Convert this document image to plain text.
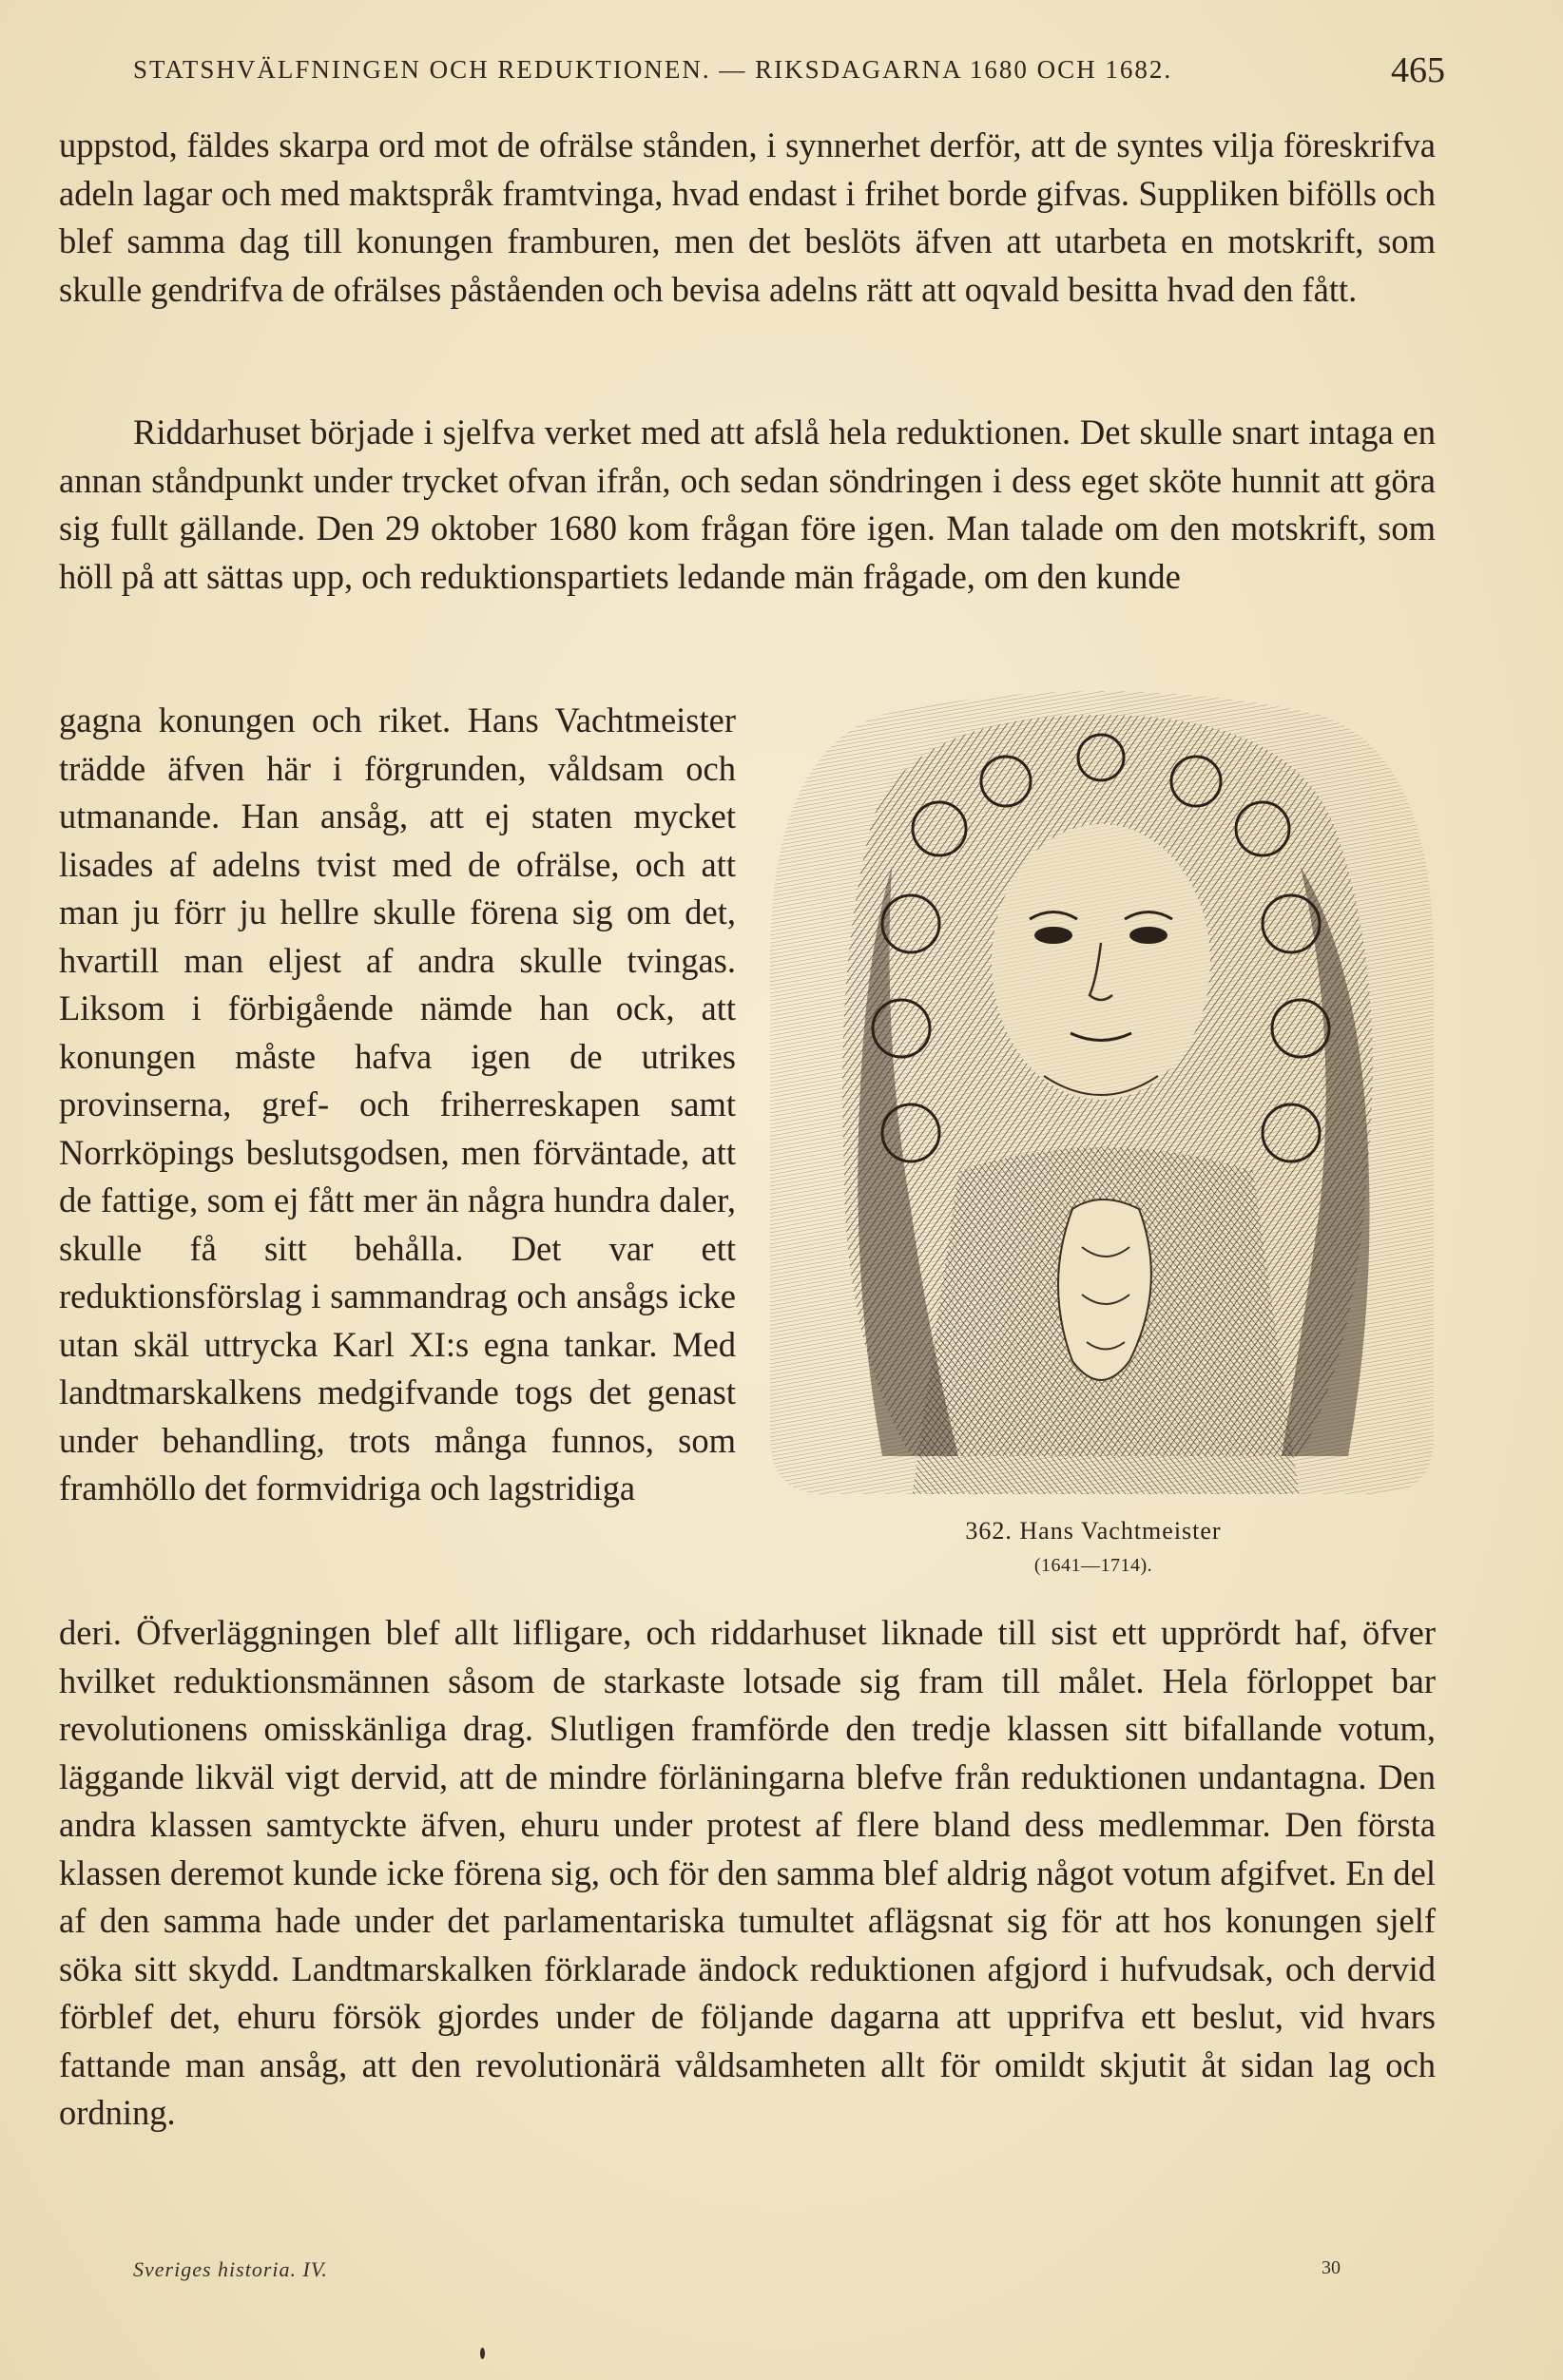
STATSHVÄLFNINGEN OCH REDUKTIONEN. — RIKSDAGARNA 1680 OCH 1682.	465

uppstod, fäldes skarpa ord mot de ofrälse stånden, i synnerhet derför, att de syntes vilja föreskrifva adeln lagar och med maktspråk framtvinga, hvad endast i frihet borde gifvas. Suppliken bifölls och blef samma dag till konungen framburen, men det beslöts äfven att utarbeta en motskrift, som skulle gendrifva de ofrälses påståenden och bevisa adelns rätt att oqvald besitta hvad den fått.

Riddarhuset började i sjelfva verket med att afslå hela reduktionen. Det skulle snart intaga en annan ståndpunkt under trycket ofvan ifrån, och sedan söndringen i dess eget sköte hunnit att göra sig fullt gällande. Den 29 oktober 1680 kom frågan före igen. Man talade om den motskrift, som höll på att sättas upp, och reduktionspartiets ledande män frågade, om den kunde

gagna konungen och riket. Hans Vachtmeister trädde äfven här i förgrunden, våldsam och utmanande. Han ansåg, att ej staten mycket lisades af adelns tvist med de ofrälse, och att man ju förr ju hellre skulle förena sig om det, hvartill man eljest af andra skulle tvingas. Liksom i förbigående nämde han ock, att konungen måste hafva igen de utrikes provinserna, gref- och friherreskapen samt Norrköpings beslutsgodsen, men förväntade, att de fattige, som ej fått mer än några hundra daler, skulle få sitt behålla. Det var ett reduktionsförslag i sammandrag och ansågs icke utan skäl uttrycka Karl XI:s egna tankar. Med landtmarskalkens medgifvande togs det genast under behandling, trots många funnos, som framhöllo det formvidriga och lagstridiga

362. Hans Vachtmeister
(1641—1714).

deri. Öfverläggningen blef allt lifligare, och riddarhuset liknade till sist ett upprördt haf, öfver hvilket reduktionsmännen såsom de starkaste lotsade sig fram till målet. Hela förloppet bar revolutionens omisskänliga drag. Slutligen framförde den tredje klassen sitt bifallande votum, läggande likväl vigt dervid, att de mindre förläningarna blefve från reduktionen undantagna. Den andra klassen samtyckte äfven, ehuru under protest af flere bland dess medlemmar. Den första klassen deremot kunde icke förena sig, och för den samma blef aldrig något votum afgifvet. En del af den samma hade under det parlamentariska tumultet aflägsnat sig för att hos konungen sjelf söka sitt skydd. Landtmarskalken förklarade ändock reduktionen afgjord i hufvudsak, och dervid förblef det, ehuru försök gjordes under de följande dagarna att upprifva ett beslut, vid hvars fattande man ansåg, att den revolutionärä våldsamheten allt för omildt skjutit åt sidan lag och ordning.

Sveriges historia. IV.	30
